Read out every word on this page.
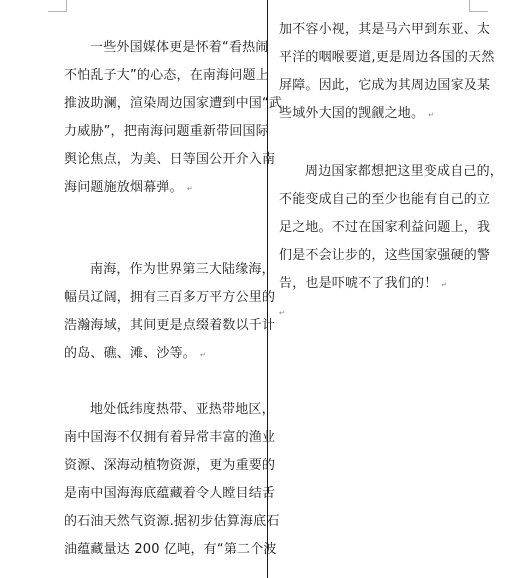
一些外国媒体更是怀着“看热闹
不怕乱子大”的心态，在南海问题上
推波助澜，渲染周边国家遭到中国“武
力威胁”，把南海问题重新带回国际
舆论焦点，为美、日等国公开介入南
海问题施放烟幕弹。 ↵
南海，作为世界第三大陆缘海，
幅员辽阔，拥有三百多万平方公里的
浩瀚海域，其间更是点缀着数以千计
的岛、礁、滩、沙等。 ↵
地处低纬度热带、亚热带地区，
南中国海不仅拥有着异常丰富的渔业
资源、深海动植物资源，更为重要的
是南中国海海底蕴藏着令人瞠目结舌
的石油天然气资源.据初步估算海底石
油蕴藏量达 200 亿吨，有“第二个波
加不容小视，其是马六甲到东亚、太
平洋的咽喉要道,更是周边各国的天然
屏障。因此，它成为其周边国家及某
些域外大国的觊觎之地。 ↵
周边国家都想把这里变成自己的，
不能变成自己的至少也能有自己的立
足之地。不过在国家利益问题上，我
们是不会让步的，这些国家强硬的警
告，也是吓唬不了我们的！ ↵
↵
